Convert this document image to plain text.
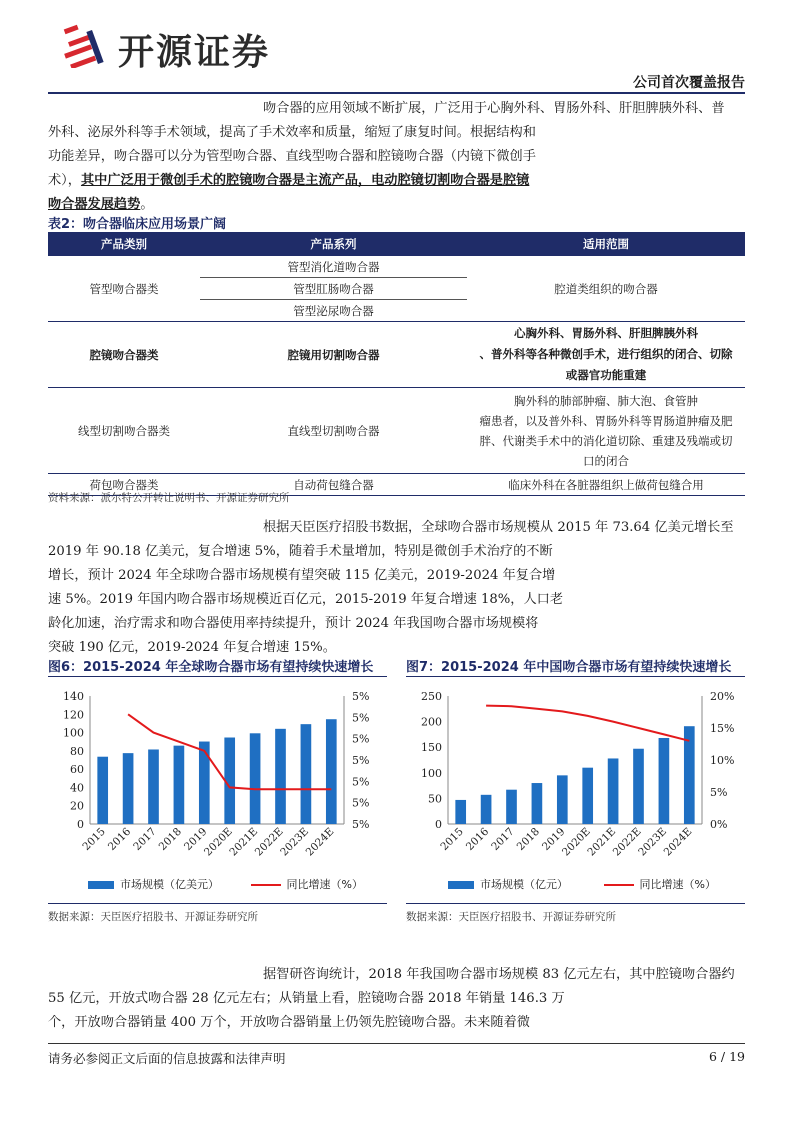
开源证券
公司首次覆盖报告

吻合器的应用领域不断扩展，广泛用于心胸外科、胃肠外科、肝胆脾胰外科、普

外科、泌尿外科等手术领域，提高了手术效率和质量，缩短了康复时间。根据结构和

功能差异，吻合器可以分为管型吻合器、直线型吻合器和腔镜吻合器（内镜下微创手

术），其中广泛用于微创手术的腔镜吻合器是主流产品，电动腔镜切割吻合器是腔镜

吻合器发展趋势。

表2：吻合器临床应用场景广阔
产品类别	产品系列	适用范围
管型吻合器类	管型消化道吻合器	腔道类组织的吻合器
	管型肛肠吻合器	
	管型泌尿吻合器	
腔镜吻合器类	腔镜用切割吻合器	心胸外科、胃肠外科、肝胆脾胰外科
、普外科等各种微创手术，进行组织的闭合、切除
或器官功能重建

线型切割吻合器类	直线型切割吻合器	胸外科的肺部肿瘤、肺大泡、食管肿
瘤患者，以及普外科、胃肠外科等胃肠道肿瘤及肥
胖、代谢类手术中的消化道切除、重建及残端或切
口的闭合

荷包吻合器类	自动荷包缝合器	临床外科在各脏器组织上做荷包缝合用
资料来源：派尔特公开转让说明书、开源证券研究所

根据天臣医疗招股书数据，全球吻合器市场规模从 2015 年 73.64 亿美元增长至

2019 年 90.18 亿美元，复合增速 5%，随着手术量增加，特别是微创手术治疗的不断

增长，预计 2024 年全球吻合器市场规模有望突破 115 亿美元，2019-2024 年复合增

速 5%。2019 年国内吻合器市场规模近百亿元，2015-2019 年复合增速 18%，人口老

龄化加速，治疗需求和吻合器使用率持续提升，预计 2024 年我国吻合器市场规模将

突破 190 亿元，2019-2024 年复合增速 15%。

图6：2015-2024 年全球吻合器市场有望持续快速增长	图7：2015-2024 年中国吻合器市场有望持续快速增长
0
20
40
60
80
100
120
140
5%
5%
5%
5%
5%
5%
5%
2015
2016
2017
2018
2019
2020E
2021E
2022E
2023E
2024E
0
50
100
150
200
250
0%
5%
10%
15%
20%
2015
2016
2017
2018
2019
2020E
2021E
2022E
2023E
2024E
市场规模（亿美元）	同比增速（%）	市场规模（亿元）	同比增速（%）
数据来源：天臣医疗招股书、开源证券研究所	数据来源：天臣医疗招股书、开源证券研究所

据智研咨询统计，2018 年我国吻合器市场规模 83 亿元左右，其中腔镜吻合器约

55 亿元，开放式吻合器 28 亿元左右；从销量上看，腔镜吻合器 2018 年销量 146.3 万

个，开放吻合器销量 400 万个，开放吻合器销量上仍领先腔镜吻合器。未来随着微

请务必参阅正文后面的信息披露和法律声明	6 / 19
